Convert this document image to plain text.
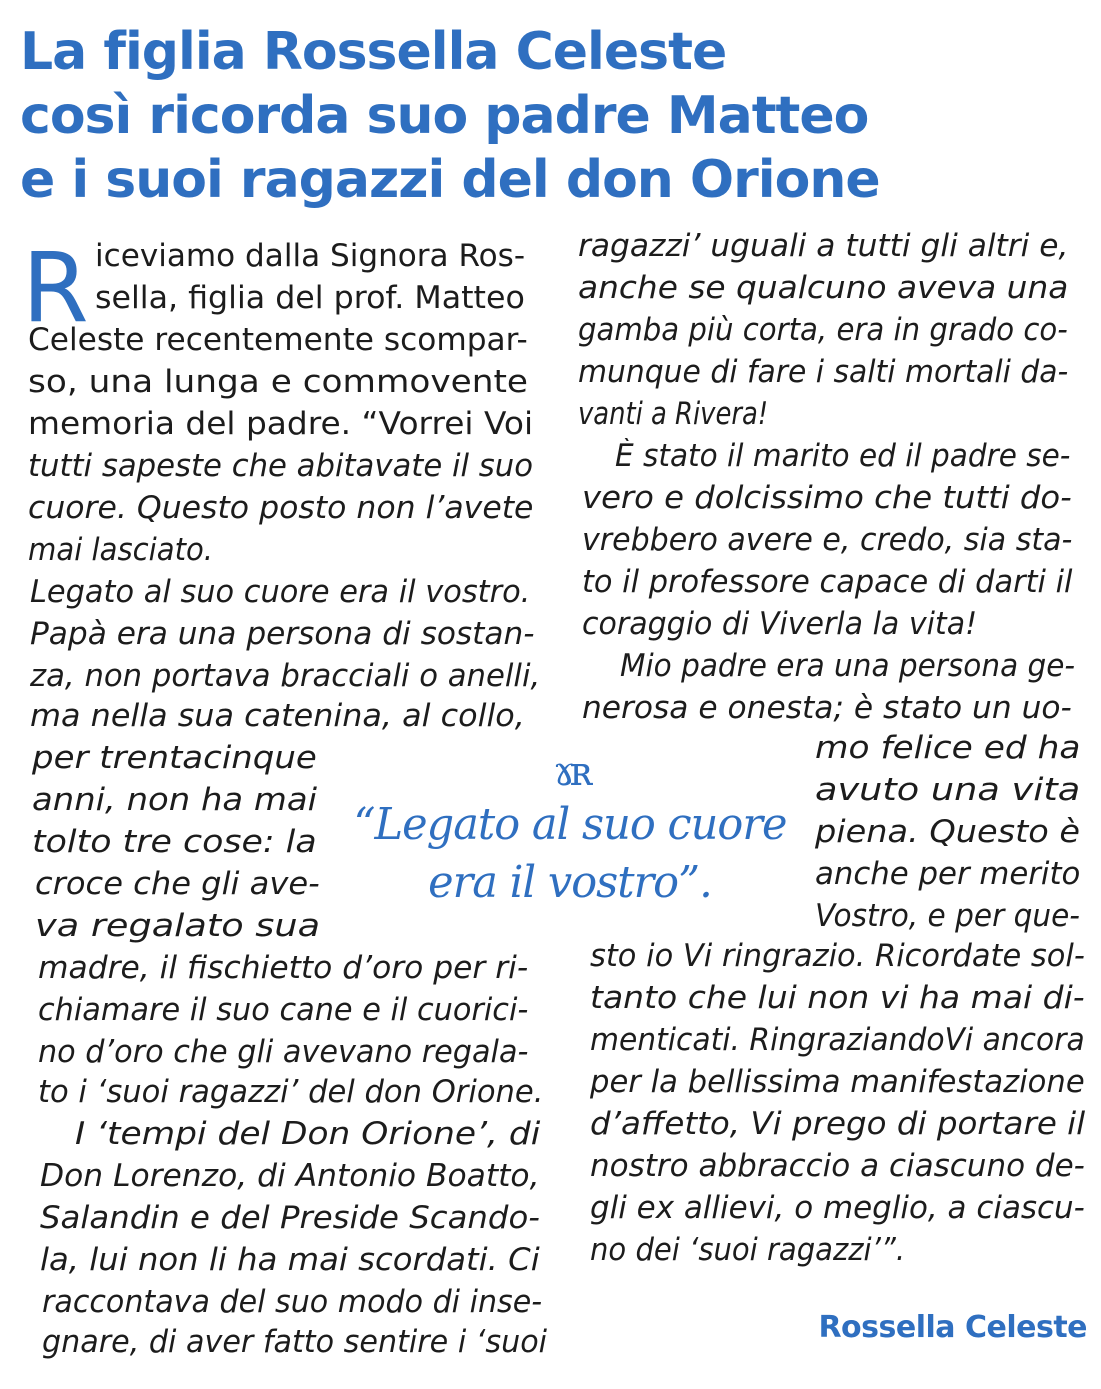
La figlia Rossella Celeste
così ricorda suo padre Matteo
e i suoi ragazzi del don Orione
R iceviamo dalla Signora Ros-
sella, figlia del prof. Matteo
Celeste recentemente scompar-
so, una lunga e commovente
memoria del padre. “Vorrei Voi
tutti sapeste che abitavate il suo
cuore. Questo posto non l’avete
mai lasciato.
Legato al suo cuore era il vostro.
Papà era una persona di sostan-
za, non portava bracciali o anelli,
ma nella sua catenina, al collo,
per trentacinque
anni, non ha mai
tolto tre cose: la
croce che gli ave-
va regalato sua
madre, il fischietto d’oro per ri-
chiamare il suo cane e il cuorici-
no d’oro che gli avevano regala-
to i ‘suoi ragazzi’ del don Orione.
I ‘tempi del Don Orione’, di
Don Lorenzo, di Antonio Boatto,
Salandin e del Preside Scando-
la, lui non li ha mai scordati. Ci
raccontava del suo modo di inse-
gnare, di aver fatto sentire i ‘suoi
ragazzi’ uguali a tutti gli altri e,
anche se qualcuno aveva una
gamba più corta, era in grado co-
munque di fare i salti mortali da-
vanti a Rivera!
È stato il marito ed il padre se-
vero e dolcissimo che tutti do-
vrebbero avere e, credo, sia sta-
to il professore capace di darti il
coraggio di Viverla la vita!
Mio padre era una persona ge-
nerosa e onesta; è stato un uo-
mo felice ed ha
avuto una vita
piena. Questo è
anche per merito
Vostro, e per que-
sto io Vi ringrazio. Ricordate sol-
tanto che lui non vi ha mai di-
menticati. RingraziandoVi ancora
per la bellissima manifestazione
d’affetto, Vi prego di portare il
nostro abbraccio a ciascuno de-
gli ex allievi, o meglio, a ciascu-
no dei ‘suoi ragazzi’”.
ɤʀ
“Legato al suo cuore
era il vostro”.
Rossella Celeste
